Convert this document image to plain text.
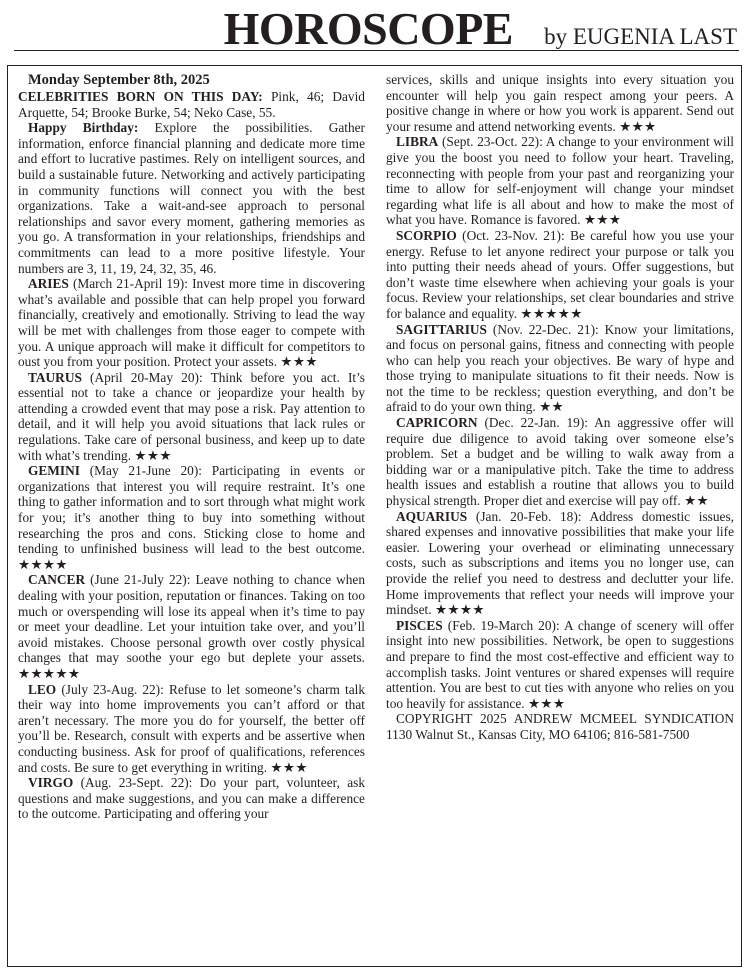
HOROSCOPE by EUGENIA LAST

Monday September 8th, 2025

CELEBRITIES BORN ON THIS DAY: Pink, 46; David Arquette, 54; Brooke Burke, 54; Neko Case, 55.

Happy Birthday: Explore the possibilities. Gather information, enforce financial planning and dedicate more time and effort to lucrative pastimes. Rely on intelligent sources, and build a sustainable future. Networking and actively participating in community functions will connect you with the best organizations. Take a wait-and-see approach to personal relationships and savor every moment, gathering memories as you go. A transformation in your relationships, friendships and commitments can lead to a more positive lifestyle. Your numbers are 3, 11, 19, 24, 32, 35, 46.

ARIES (March 21-April 19): Invest more time in discovering what’s available and possible that can help propel you forward financially, creatively and emotionally. Striving to lead the way will be met with challenges from those eager to compete with you. A unique approach will make it difficult for competitors to oust you from your position. Protect your assets. ★★★

TAURUS (April 20-May 20): Think before you act. It’s essential not to take a chance or jeopardize your health by attending a crowded event that may pose a risk. Pay attention to detail, and it will help you avoid situations that lack rules or regulations. Take care of personal business, and keep up to date with what’s trending. ★★★

GEMINI (May 21-June 20): Participating in events or organizations that interest you will require restraint. It’s one thing to gather information and to sort through what might work for you; it’s another thing to buy into something without researching the pros and cons. Sticking close to home and tending to unfinished business will lead to the best outcome. ★★★★

CANCER (June 21-July 22): Leave nothing to chance when dealing with your position, reputation or finances. Taking on too much or overspending will lose its appeal when it’s time to pay or meet your deadline. Let your intuition take over, and you’ll avoid mistakes. Choose personal growth over costly physical changes that may soothe your ego but deplete your assets. ★★★★★

LEO (July 23-Aug. 22): Refuse to let someone’s charm talk their way into home improvements you can’t afford or that aren’t necessary. The more you do for yourself, the better off you’ll be. Research, consult with experts and be assertive when conducting business. Ask for proof of qualifications, references and costs. Be sure to get everything in writing. ★★★

VIRGO (Aug. 23-Sept. 22): Do your part, volunteer, ask questions and make suggestions, and you can make a difference to the outcome. Participating and offering your

services, skills and unique insights into every situation you encounter will help you gain respect among your peers. A positive change in where or how you work is apparent. Send out your resume and attend networking events. ★★★

LIBRA (Sept. 23-Oct. 22): A change to your environment will give you the boost you need to follow your heart. Traveling, reconnecting with people from your past and reorganizing your time to allow for self-enjoyment will change your mindset regarding what life is all about and how to make the most of what you have. Romance is favored. ★★★

SCORPIO (Oct. 23-Nov. 21): Be careful how you use your energy. Refuse to let anyone redirect your purpose or talk you into putting their needs ahead of yours. Offer suggestions, but don’t waste time elsewhere when achieving your goals is your focus. Review your relationships, set clear boundaries and strive for balance and equality. ★★★★★

SAGITTARIUS (Nov. 22-Dec. 21): Know your limitations, and focus on personal gains, fitness and connecting with people who can help you reach your objectives. Be wary of hype and those trying to manipulate situations to fit their needs. Now is not the time to be reckless; question everything, and don’t be afraid to do your own thing. ★★

CAPRICORN (Dec. 22-Jan. 19): An aggressive offer will require due diligence to avoid taking over someone else’s problem. Set a budget and be willing to walk away from a bidding war or a manipulative pitch. Take the time to address health issues and establish a routine that allows you to build physical strength. Proper diet and exercise will pay off. ★★

AQUARIUS (Jan. 20-Feb. 18): Address domestic issues, shared expenses and innovative possibilities that make your life easier. Lowering your overhead or eliminating unnecessary costs, such as subscriptions and items you no longer use, can provide the relief you need to destress and declutter your life. Home improvements that reflect your needs will improve your mindset. ★★★★

PISCES (Feb. 19-March 20): A change of scenery will offer insight into new possibilities. Network, be open to suggestions and prepare to find the most cost-effective and efficient way to accomplish tasks. Joint ventures or shared expenses will require attention. You are best to cut ties with anyone who relies on you too heavily for assistance. ★★★

COPYRIGHT 2025 ANDREW MCMEEL SYNDICATION 1130 Walnut St., Kansas City, MO 64106; 816-581-7500
